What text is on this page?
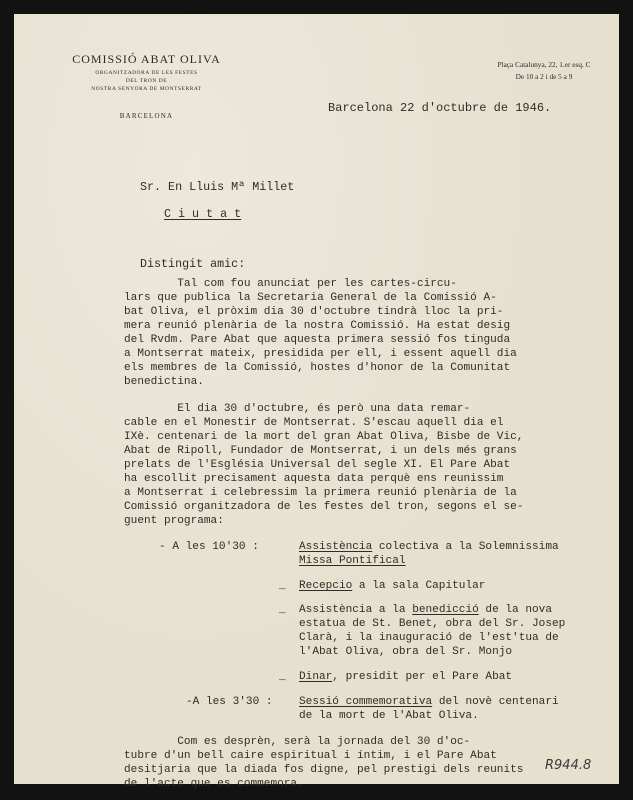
COMISSIÓ ABAT OLIVA
ORGANITZADORA DE LES FESTES
DEL TRON DE
NOSTRA SENYORA DE MONTSERRAT
BARCELONA
Plaça Catalunya, 22, 1.er esq. C
De 10 a 2 i de 5 a 9
Barcelona 22 d'octubre de 1946.
Sr. En Lluis Mª Millet
C i u t a t
Distingit amic:
Tal com fou anunciat per les cartes-circu-
lars que publica la Secretaria General de la Comissió A-
bat Oliva, el pròxim dia 30 d'octubre tindrà lloc la pri-
mera reunió plenària de la nostra Comissió. Ha estat desig
del Rvdm. Pare Abat que aquesta primera sessió fos tinguda
a Montserrat mateix, presidida per ell, i essent aquell dia
els membres de la Comissió, hostes d'honor de la Comunitat
benedictina.
El dia 30 d'octubre, és però una data remar-
cable en el Monestir de Montserrat. S'escau aquell dia el
IXè. centenari de la mort del gran Abat Oliva, Bisbe de Vic,
Abat de Ripoll, Fundador de Montserrat, i un dels més grans
prelats de l'Església Universal del segle XI. El Pare Abat
ha escollit precisament aquesta data perquè ens reunissim
a Montserrat i celebressim la primera reunió plenària de la
Comissió organitzadora de les festes del tron, segons el se-
guent programa:
- A les 10'30 :	Assistència colectiva a la Solemnissima
Missa Pontifical
_ Recepcio a la sala Capitular
_ Assistència a la benedicció de la nova
estatua de St. Benet, obra del Sr. Josep
Clarà, i la inauguració de l'est'tua de
l'Abat Oliva, obra del Sr. Monjo
_ Dinar, presidit per el Pare Abat
-A les 3'30 : Sessió commemorativa del novè centenari
de la mort de l'Abat Oliva.
Com es desprèn, serà la jornada del 30 d'oc-
tubre d'un bell caire espiritual i íntim, i el Pare Abat
desitjaria que la diada fos digne, pel prestigi dels reunits
de l'acte que es commemora.
R944.8
